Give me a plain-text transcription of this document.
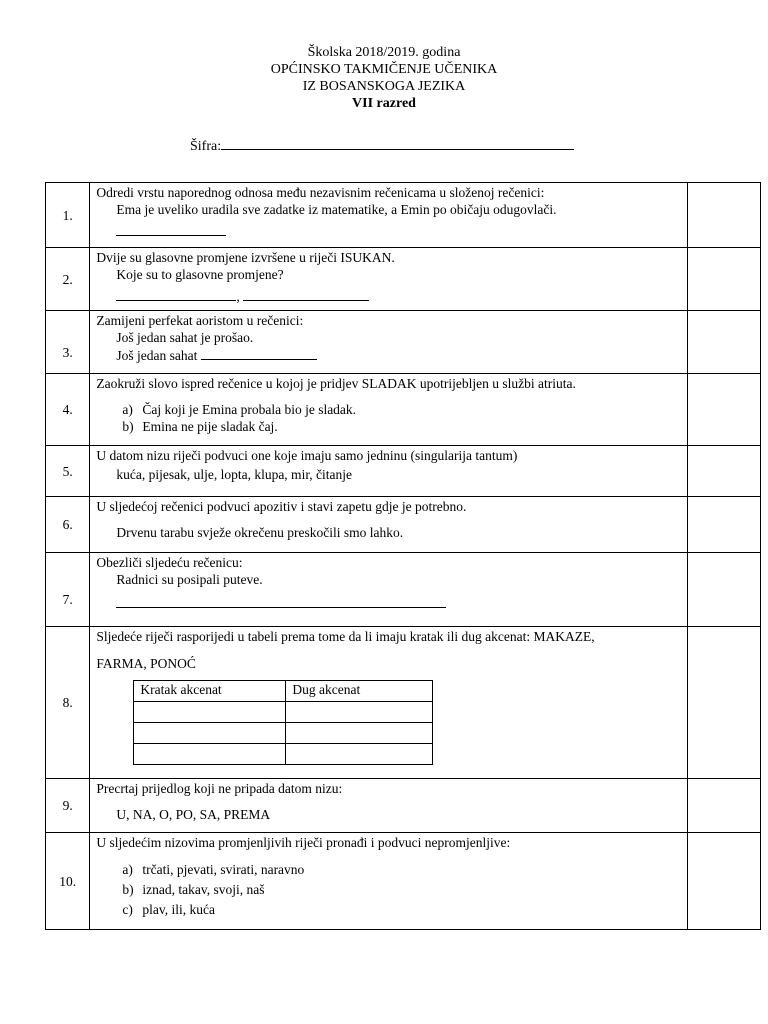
Školska 2018/2019. godina
OPĆINSKO TAKMIČENJE UČENIKA
IZ BOSANSKOGA JEZIKA
VII razred
Šifra:
1.	
Odredi vrstu naporednog odnosa među nezavisnim rečenicama u složenoj rečenici:
Ema je uveliko uradila sve zadatke iz matematike, a Emin po običaju odugovlači.

2.	
Dvije su glasovne promjene izvršene u riječi ISUKAN.
Koje su to glasovne promjene?
,

3.	
Zamijeni perfekat aoristom u rečenici:
Još jedan sahat je prošao.
Još jedan sahat

4.	
Zaokruži slovo ispred rečenice u kojoj je pridjev SLADAK upotrijebljen u službi atriuta.
a) Čaj koji je Emina probala bio je sladak.
b) Emina ne pije sladak čaj.

5.	
U datom nizu riječi podvuci one koje imaju samo jedninu (singularija tantum)
kuća, pijesak, ulje, lopta, klupa, mir, čitanje

6.	
U sljedećoj rečenici podvuci apozitiv i stavi zapetu gdje je potrebno.
Drvenu tarabu svježe okrečenu preskočili smo lahko.

7.	
Obezliči sljedeću rečenicu:
Radnici su posipali puteve.

8.	
Sljedeće riječi rasporijedi u tabeli prema tome da li imaju kratak ili dug akcenat: MAKAZE,
FARMA, PONOĆ
Kratak akcenat	Dug akcenat

9.	
Precrtaj prijedlog koji ne pripada datom nizu:
U, NA, O, PO, SA, PREMA

10.	
U sljedećim nizovima promjenljivih riječi pronađi i podvuci nepromjenljive:
a) trčati, pjevati, svirati, naravno
b) iznad, takav, svoji, naš
c) plav, ili, kuća
